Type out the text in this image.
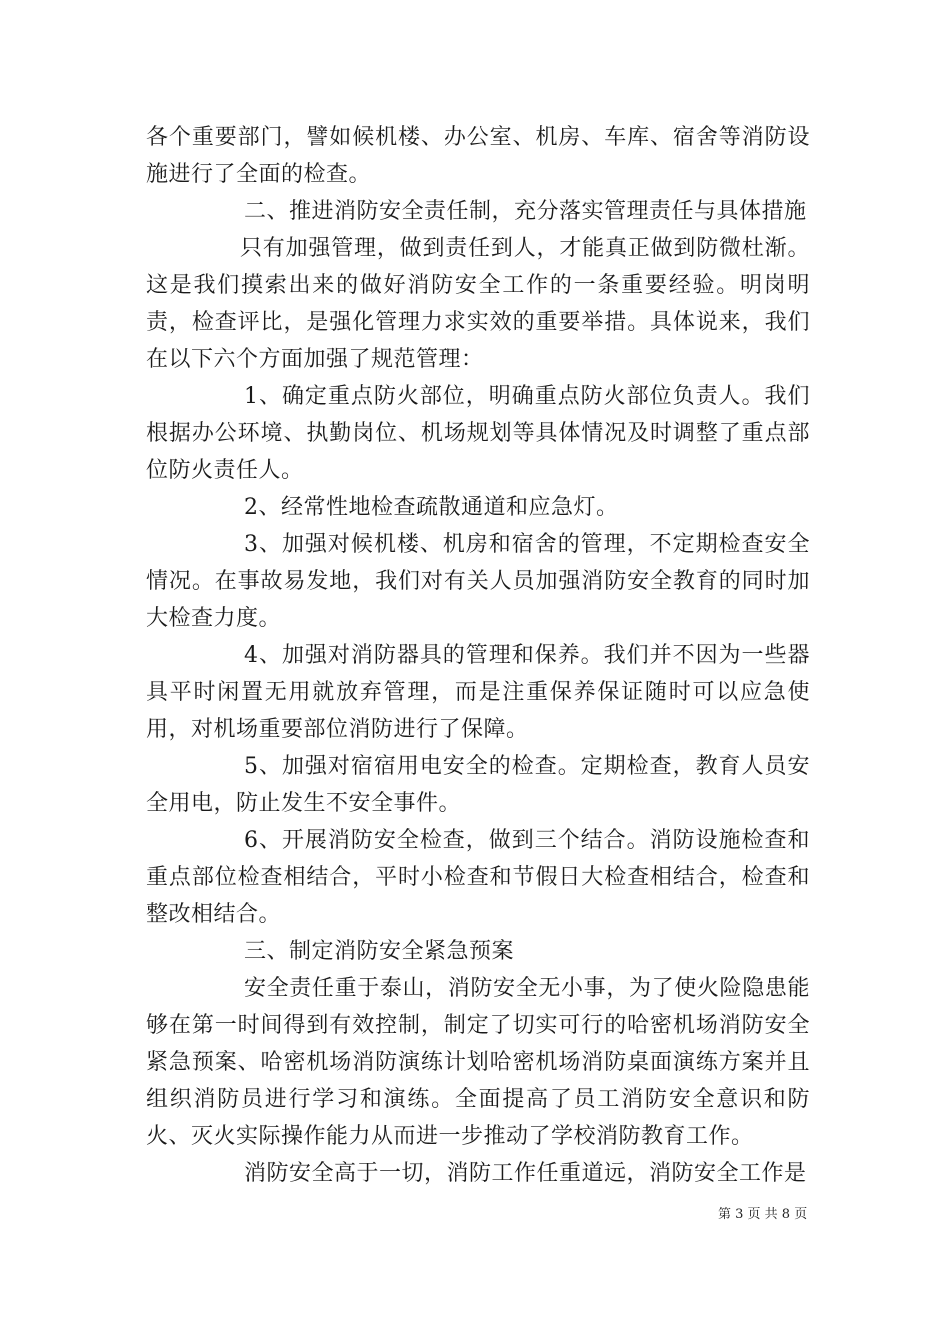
各个重要部门，譬如候机楼、办公室、机房、车库、宿舍等消防设施进行了全面的检查。

二、推进消防安全责任制，充分落实管理责任与具体措施

只有加强管理，做到责任到人，才能真正做到防微杜渐。这是我们摸索出来的做好消防安全工作的一条重要经验。明岗明责，检查评比，是强化管理力求实效的重要举措。具体说来，我们在以下六个方面加强了规范管理：

1、确定重点防火部位，明确重点防火部位负责人。我们根据办公环境、执勤岗位、机场规划等具体情况及时调整了重点部位防火责任人。

2、经常性地检查疏散通道和应急灯。

3、加强对候机楼、机房和宿舍的管理，不定期检查安全情况。在事故易发地，我们对有关人员加强消防安全教育的同时加大检查力度。

4、加强对消防器具的管理和保养。我们并不因为一些器具平时闲置无用就放弃管理，而是注重保养保证随时可以应急使用，对机场重要部位消防进行了保障。

5、加强对宿宿用电安全的检查。定期检查，教育人员安全用电，防止发生不安全事件。

6、开展消防安全检查，做到三个结合。消防设施检查和重点部位检查相结合，平时小检查和节假日大检查相结合，检查和整改相结合。

三、制定消防安全紧急预案

安全责任重于泰山，消防安全无小事，为了使火险隐患能够在第一时间得到有效控制，制定了切实可行的哈密机场消防安全紧急预案、哈密机场消防演练计划哈密机场消防桌面演练方案并且组织消防员进行学习和演练。全面提高了员工消防安全意识和防火、灭火实际操作能力从而进一步推动了学校消防教育工作。

消防安全高于一切，消防工作任重道远，消防安全工作是

第 3 页 共 8 页
